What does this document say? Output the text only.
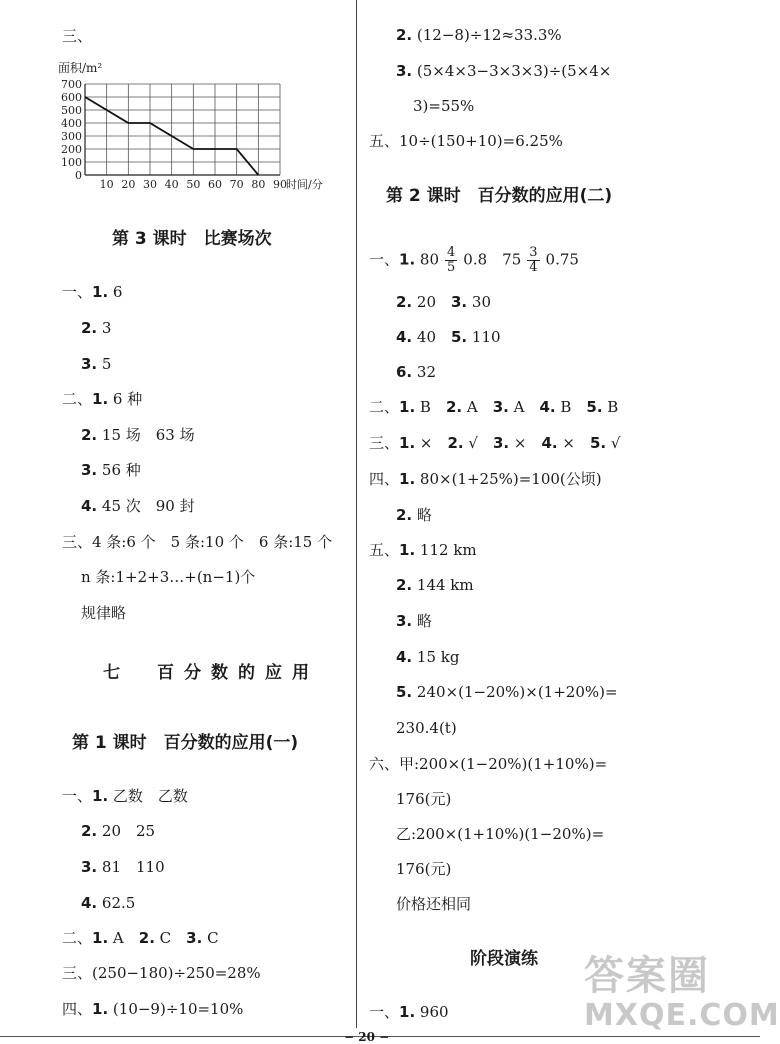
三、
面积/m²
0
100
200
300
400
500
600
700
10 20 30 40 50 60 70 80 90 时间/分
第 3 课时　比赛场次
一、1. 6
2. 3
3. 5
二、1. 6 种
2. 15 场　63 场
3. 56 种
4. 45 次　90 封
三、4 条:6 个　5 条:10 个　6 条:15 个
n 条:1+2+3…+(n−1)个
规律略
七　百分数的应用
第 1 课时　百分数的应用(一)
一、1. 乙数　乙数
2. 20　25
3. 81　110
4. 62.5
二、1. A　2. C　3. C
三、(250−180)÷250=28%
四、1. (10−9)÷10=10%
2. (12−8)÷12≈33.3%
3. (5×4×3−3×3×3)÷(5×4×
3)=55%
五、10÷(150+10)=6.25%
第 2 课时　百分数的应用(二)
一、1. $80 \frac{4}{5} 0.8$　$75 \frac{3}{4} 0.75$
2. 20　3. 30
4. 40　5. 110
6. 32
二、1. B　2. A　3. A　4. B　5. B
三、1. ×　2. √　3. ×　4. ×　5. √
四、1. 80×(1+25%)=100(公顷)
2. 略
五、1. 112 km
2. 144 km
3. 略
4. 15 kg
5. 240×(1−20%)×(1+20%)=
230.4(t)
六、甲:200×(1−20%)(1+10%)=
176(元)
乙:200×(1+10%)(1−20%)=
176(元)
价格还相同
阶段演练
一、1. 960
答案圈
MXQE.COM
− 20 −
